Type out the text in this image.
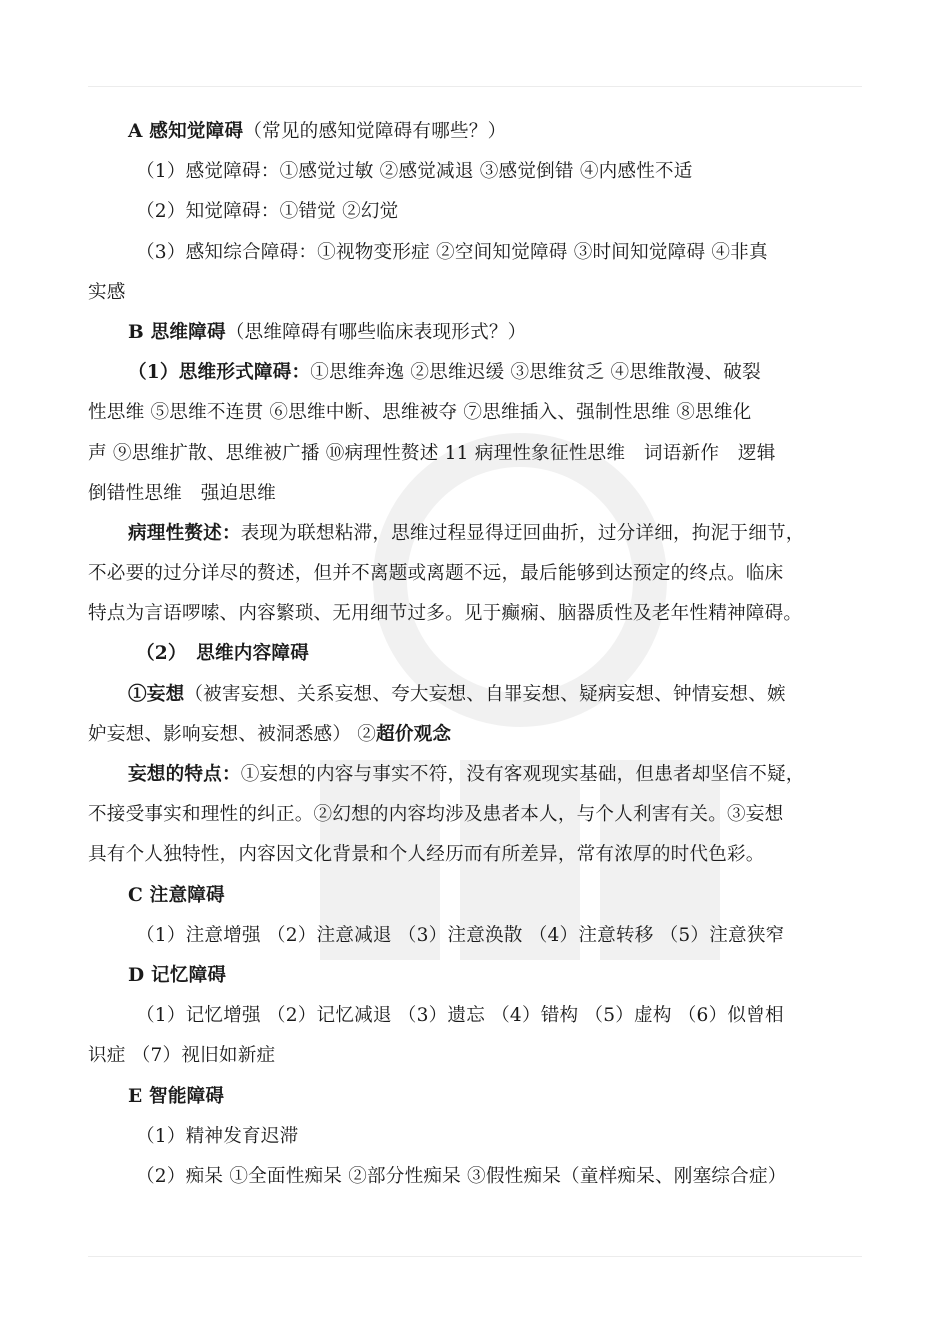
A 感知觉障碍（常见的感知觉障碍有哪些？）
（1）感觉障碍：①感觉过敏 ②感觉减退 ③感觉倒错 ④内感性不适
（2）知觉障碍：①错觉 ②幻觉
（3）感知综合障碍：①视物变形症 ②空间知觉障碍 ③时间知觉障碍 ④非真
实感
B 思维障碍（思维障碍有哪些临床表现形式？）
（1）思维形式障碍：①思维奔逸 ②思维迟缓 ③思维贫乏 ④思维散漫、破裂
性思维 ⑤思维不连贯 ⑥思维中断、思维被夺 ⑦思维插入、强制性思维 ⑧思维化
声 ⑨思维扩散、思维被广播 ⑩病理性赘述 11 病理性象征性思维　词语新作　逻辑
倒错性思维　强迫思维
病理性赘述：表现为联想粘滞，思维过程显得迂回曲折，过分详细，拘泥于细节，
不必要的过分详尽的赘述，但并不离题或离题不远，最后能够到达预定的终点。临床
特点为言语啰嗦、内容繁琐、无用细节过多。见于癫痫、脑器质性及老年性精神障碍。
（2）　思维内容障碍
①妄想（被害妄想、关系妄想、夸大妄想、自罪妄想、疑病妄想、钟情妄想、嫉
妒妄想、影响妄想、被洞悉感） ②超价观念
妄想的特点：①妄想的内容与事实不符，没有客观现实基础，但患者却坚信不疑，
不接受事实和理性的纠正。②幻想的内容均涉及患者本人，与个人利害有关。③妄想
具有个人独特性，内容因文化背景和个人经历而有所差异，常有浓厚的时代色彩。
C 注意障碍
（1）注意增强 （2）注意减退 （3）注意涣散 （4）注意转移 （5）注意狭窄
D 记忆障碍
（1）记忆增强 （2）记忆减退 （3）遗忘 （4）错构 （5）虚构 （6）似曾相
识症 （7）视旧如新症
E 智能障碍
（1）精神发育迟滞
（2）痴呆 ①全面性痴呆 ②部分性痴呆 ③假性痴呆（童样痴呆、刚塞综合症）
